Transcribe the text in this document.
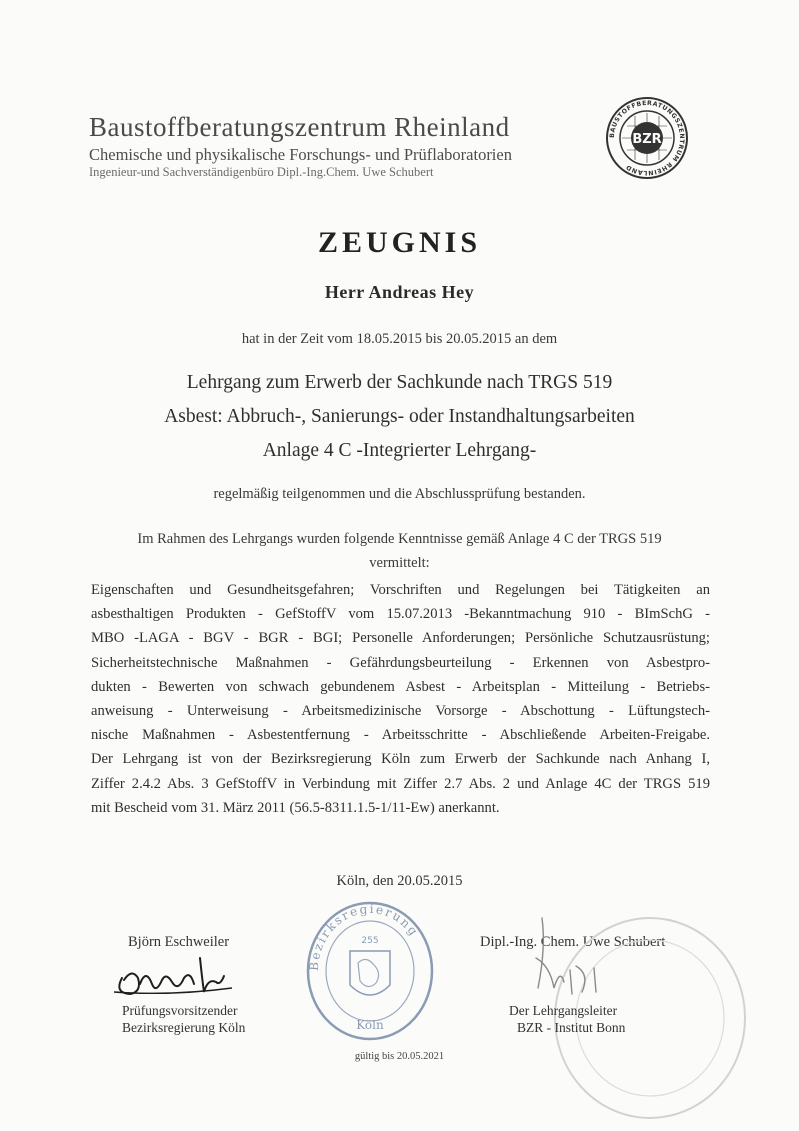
Baustoffberatungszentrum Rheinland
Chemische und physikalische Forschungs- und Prüflaboratorien
Ingenieur-und Sachverständigenbüro Dipl.-Ing.Chem. Uwe Schubert
BAUSTOFFBERATUNGSZENTRUM RHEINLAND
BZR
ZEUGNIS
Herr Andreas Hey
hat in der Zeit vom 18.05.2015 bis 20.05.2015 an dem
Lehrgang zum Erwerb der Sachkunde nach TRGS 519
Asbest: Abbruch-, Sanierungs- oder Instandhaltungsarbeiten
Anlage 4 C -Integrierter Lehrgang-
regelmäßig teilgenommen und die Abschlussprüfung bestanden.
Im Rahmen des Lehrgangs wurden folgende Kenntnisse gemäß Anlage 4 C der TRGS 519
vermittelt:
Eigenschaften und Gesundheitsgefahren; Vorschriften und Regelungen bei Tätigkeiten an
asbesthaltigen Produkten - GefStoffV vom 15.07.2013 -Bekanntmachung 910 - BImSchG -
MBO -LAGA - BGV - BGR - BGI; Personelle Anforderungen; Persönliche Schutzausrüstung;
Sicherheitstechnische Maßnahmen - Gefährdungsbeurteilung - Erkennen von Asbestpro-
dukten - Bewerten von schwach gebundenem Asbest - Arbeitsplan - Mitteilung - Betriebs-
anweisung - Unterweisung - Arbeitsmedizinische Vorsorge - Abschottung - Lüftungstech-
nische Maßnahmen - Asbestentfernung - Arbeitsschritte - Abschließende Arbeiten-Freigabe.
Der Lehrgang ist von der Bezirksregierung Köln zum Erwerb der Sachkunde nach Anhang I,
Ziffer 2.4.2 Abs. 3 GefStoffV in Verbindung mit Ziffer 2.7 Abs. 2 und Anlage 4C der TRGS 519
mit Bescheid vom 31. März 2011 (56.5-8311.1.5-1/11-Ew) anerkannt.
Köln, den 20.05.2015
Bezirksregierung
255
Köln
Björn Eschweiler
Prüfungsvorsitzender
Bezirksregierung Köln
Dipl.-Ing. Chem. Uwe Schubert
Der Lehrgangsleiter
BZR - Institut Bonn
gültig bis 20.05.2021
